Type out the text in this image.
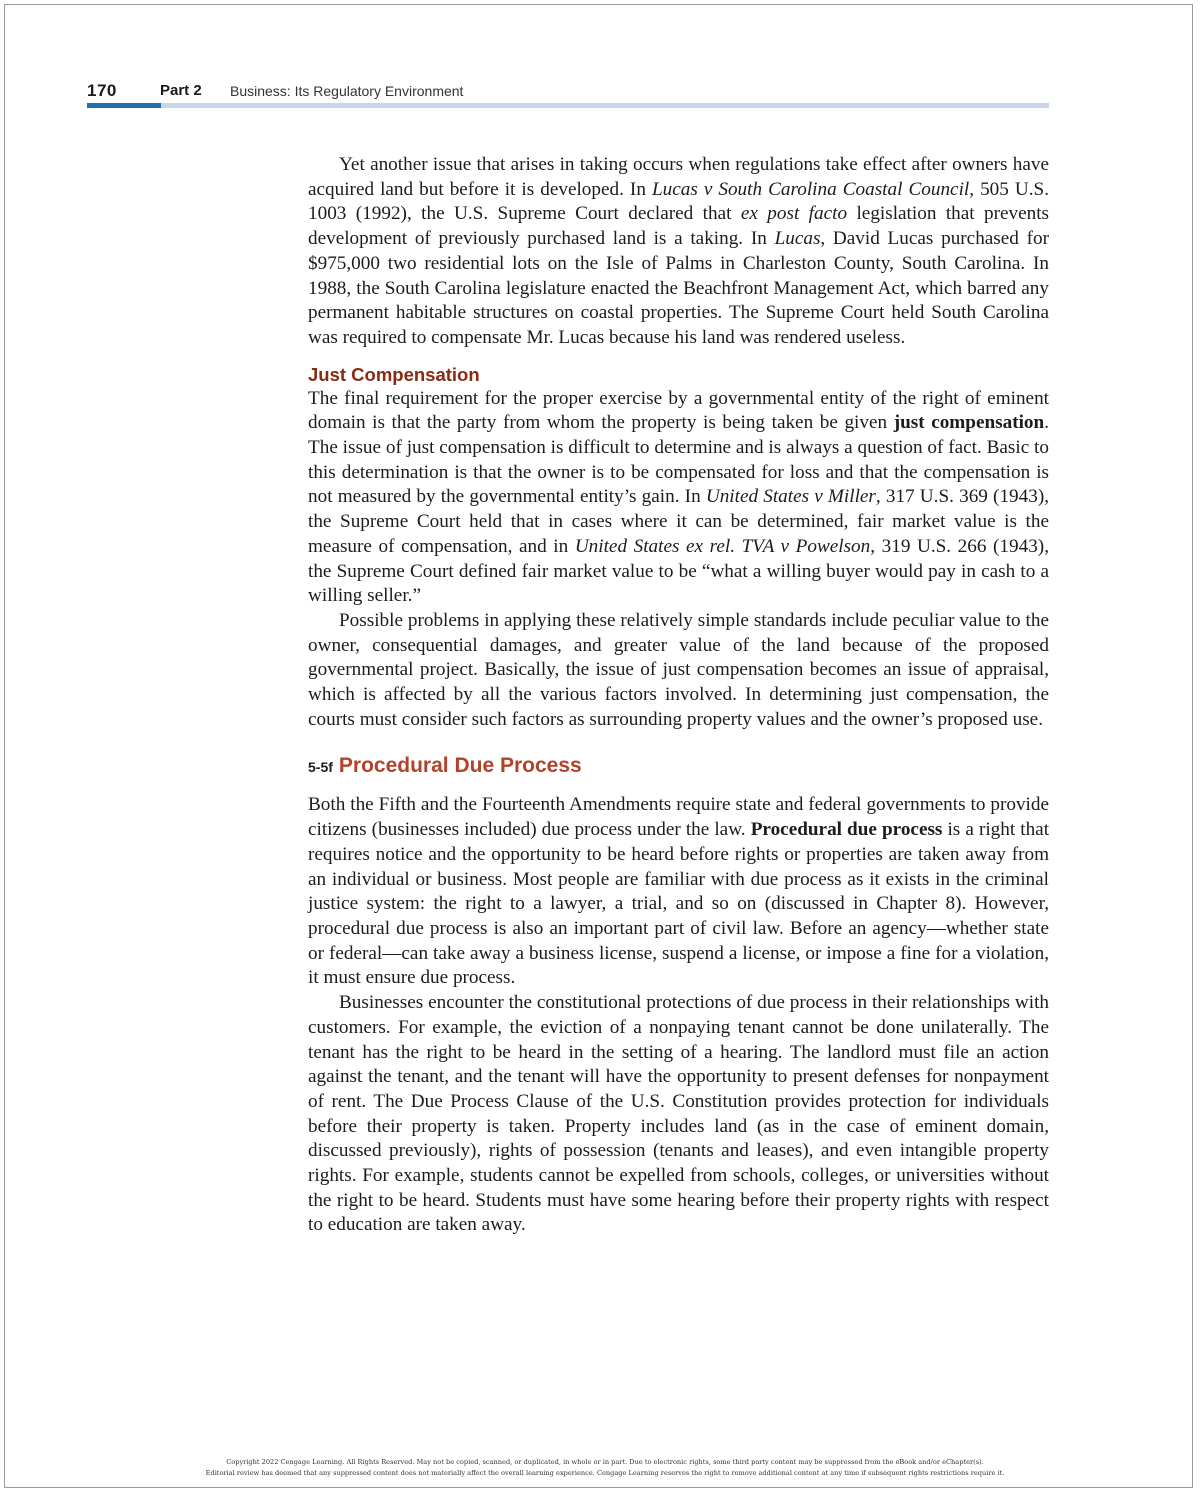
170	Part 2 Business: Its Regulatory Environment

Yet another issue that arises in taking occurs when regulations take effect after owners have acquired land but before it is developed. In Lucas v South Carolina Coastal Council, 505 U.S. 1003 (1992), the U.S. Supreme Court declared that ex post facto legislation that prevents development of previously purchased land is a taking. In Lucas, David Lucas purchased for $975,000 two residential lots on the Isle of Palms in Charleston County, South Carolina. In 1988, the South Carolina legislature enacted the Beachfront Management Act, which barred any permanent habitable structures on coastal properties. The Supreme Court held South Carolina was required to compensate Mr. Lucas because his land was rendered useless.

Just Compensation

The final requirement for the proper exercise by a governmental entity of the right of eminent domain is that the party from whom the property is being taken be given just compensation. The issue of just compensation is difficult to determine and is always a question of fact. Basic to this determination is that the owner is to be compensated for loss and that the compensation is not measured by the governmental entity’s gain. In United States v Miller, 317 U.S. 369 (1943), the Supreme Court held that in cases where it can be determined, fair market value is the measure of compensation, and in United States ex rel. TVA v Powelson, 319 U.S. 266 (1943), the Supreme Court defined fair market value to be “what a willing buyer would pay in cash to a willing seller.”

Possible problems in applying these relatively simple standards include peculiar value to the owner, consequential damages, and greater value of the land because of the proposed governmental project. Basically, the issue of just compensation becomes an issue of appraisal, which is affected by all the various factors involved. In determining just compensation, the courts must consider such factors as surrounding property values and the owner’s proposed use.

5-5f Procedural Due Process

Both the Fifth and the Fourteenth Amendments require state and federal governments to provide citizens (businesses included) due process under the law. Procedural due process is a right that requires notice and the opportunity to be heard before rights or properties are taken away from an individual or business. Most people are familiar with due process as it exists in the criminal justice system: the right to a lawyer, a trial, and so on (discussed in Chapter 8). However, procedural due process is also an important part of civil law. Before an agency—whether state or federal—can take away a business license, suspend a license, or impose a fine for a violation, it must ensure due process.

Businesses encounter the constitutional protections of due process in their relationships with customers. For example, the eviction of a nonpaying tenant cannot be done unilaterally. The tenant has the right to be heard in the setting of a hearing. The landlord must file an action against the tenant, and the tenant will have the opportunity to present defenses for nonpayment of rent. The Due Process Clause of the U.S. Constitution provides protection for individuals before their property is taken. Property includes land (as in the case of eminent domain, discussed previously), rights of possession (tenants and leases), and even intangible property rights. For example, students cannot be expelled from schools, colleges, or universities without the right to be heard. Students must have some hearing before their property rights with respect to education are taken away.

Copyright 2022 Cengage Learning. All Rights Reserved. May not be copied, scanned, or duplicated, in whole or in part. Due to electronic rights, some third party content may be suppressed from the eBook and/or eChapter(s).

Editorial review has deemed that any suppressed content does not materially affect the overall learning experience. Cengage Learning reserves the right to remove additional content at any time if subsequent rights restrictions require it.
